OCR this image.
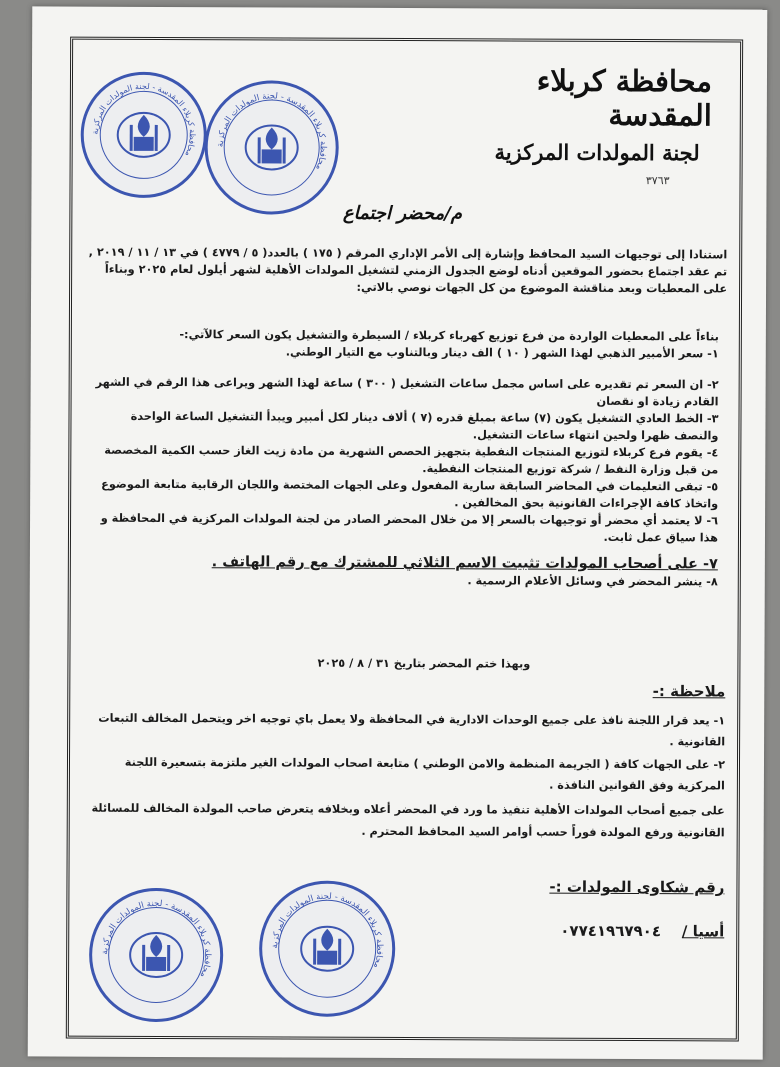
محافظة كربلاء المقدسة - لجنة المولدات المركزية
محافظة كربلاء المقدسة - لجنة المولدات المركزية
محافظة كربلاء المقدسة
لجنة المولدات المركزية
٣٧٦٣
م/محضر اجتماع

استنادا إلى توجيهات السيد المحافظ وإشارة إلى الأمر الإداري المرقم ( ١٧٥ ) بالعدد( ٥ / ٤٧٧٩ ) في ١٣ / ١١ / ٢٠١٩ , تم عقد اجتماع بحضور الموقعين أدناه لوضع الجدول الزمني لتشغيل المولدات الأهلية لشهر أيلول لعام ٢٠٢٥ وبناءاً على المعطيات وبعد مناقشة الموضوع من كل الجهات نوصي بالاتي:

بناءاً على المعطيات الواردة من فرع توزيع كهرباء كربلاء / السيطرة والتشغيل يكون السعر كالآتي:-

١- سعر الأمبير الذهبي لهذا الشهر ( ١٠ ) الف دينار وبالتناوب مع التيار الوطني.

٢- ان السعر تم تقديره على اساس مجمل ساعات التشغيل ( ٣٠٠ ) ساعة لهذا الشهر ويراعى هذا الرقم في الشهر القادم زيادة او نقصان

٣- الخط العادي التشغيل يكون (٧) ساعة بمبلغ قدره (٧ ) ألاف دينار لكل أمبير ويبدأ التشغيل الساعة الواحدة والنصف ظهرا ولحين انتهاء ساعات التشغيل.

٤- يقوم فرع كربلاء لتوزيع المنتجات النفطية بتجهيز الحصص الشهرية من مادة زيت الغاز حسب الكمية المخصصة من قبل وزارة النفط / شركة توزيع المنتجات النفطية.

٥- تبقى التعليمات في المحاضر السابقة سارية المفعول وعلى الجهات المختصة واللجان الرقابية متابعة الموضوع واتخاذ كافة الإجراءات القانونية بحق المخالفين .

٦- لا يعتمد أي محضر أو توجيهات بالسعر إلا من خلال المحضر الصادر من لجنة المولدات المركزية في المحافظة و هذا سياق عمل ثابت.

٧- على أصحاب المولدات تثبيت الاسم الثلاثي للمشترك مع رقم الهاتف .

٨- ينشر المحضر في وسائل الأعلام الرسمية .

وبهذا ختم المحضر بتاريخ ٣١ / ٨ / ٢٠٢٥
ملاحظة :-

١- يعد قرار اللجنة نافذ على جميع الوحدات الادارية في المحافظة ولا يعمل باي توجيه اخر ويتحمل المخالف التبعات القانونية .

٢- على الجهات كافة ( الجريمة المنظمة والامن الوطني ) متابعة اصحاب المولدات الغير ملتزمة بتسعيرة اللجنة المركزية وفق القوانين النافذة .

على جميع أصحاب المولدات الأهلية تنفيذ ما ورد في المحضر أعلاه وبخلافه يتعرض صاحب المولدة المخالف للمسائلة القانونية ورفع المولدة فوراً حسب أوامر السيد المحافظ المحترم .

رقم شكاوى المولدات :-
أسيا /    ٠٧٧٤١٩٦٧٩٠٤
محافظة كربلاء المقدسة - لجنة المولدات المركزية
محافظة كربلاء المقدسة - لجنة المولدات المركزية
